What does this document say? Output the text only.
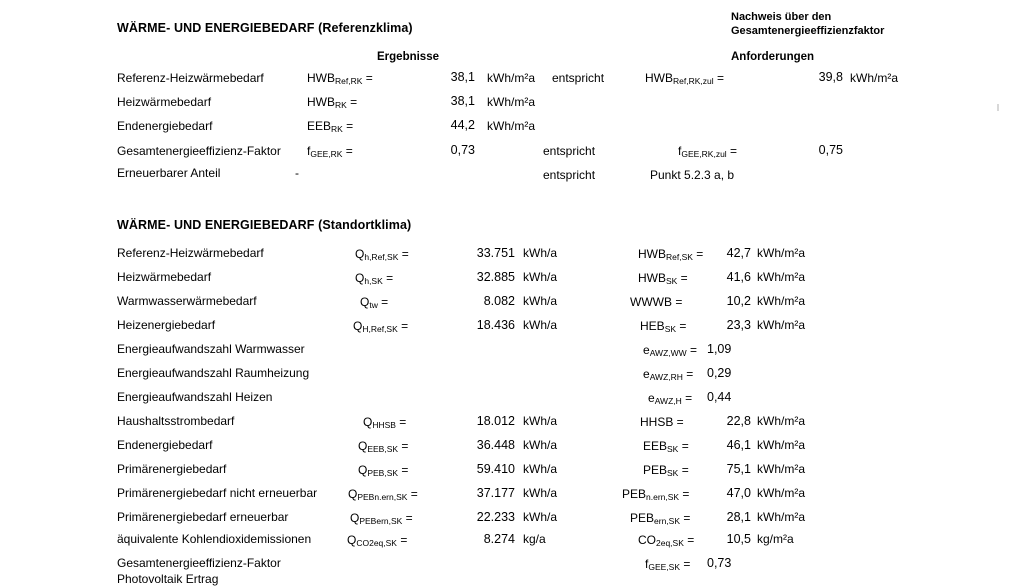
Nachweis über den
Gesamtenergieeffizienzfaktor
WÄRME- UND ENERGIEBEDARF (Referenzklima)
Ergebnisse	Anforderungen
Referenz-Heizwärmebedarf	$HWB_{Ref,RK}$ =	38,1 kWh/m²a entspricht	$HWB_{Ref,RK,zul}$ =	39,8 kWh/m²a
Heizwärmebedarf	$HWB_{RK}$ =	38,1 kWh/m²a
Endenergiebedarf	$EEB_{RK}$ =	44,2 kWh/m²a
Gesamtenergieeffizienz-Faktor $f_{GEE,RK}$ =	0,73	entspricht	$f_{GEE,RK,zul}$ =	0,75
Erneuerbarer Anteil	-	entspricht	Punkt 5.2.3 a, b
WÄRME- UND ENERGIEBEDARF (Standortklima)
Referenz-Heizwärmebedarf	$Q_{h,Ref,SK}$ =	33.751 kWh/a	$HWB_{Ref,SK}$ =	42,7 kWh/m²a
Heizwärmebedarf	$Q_{h,SK}$ =	32.885 kWh/a	$HWB_{SK}$ =	41,6 kWh/m²a
Warmwasserwärmebedarf	$Q_{tw}$ =	8.082 kWh/a	WWWB =	10,2 kWh/m²a
Heizenergiebedarf	$Q_{H,Ref,SK}$ =	18.436 kWh/a	$HEB_{SK}$ =	23,3 kWh/m²a
Energieaufwandszahl Warmwasser	$e_{AWZ,WW} = 1,09$
Energieaufwandszahl Raumheizung	$e_{AWZ,RH} = 0,29$
Energieaufwandszahl Heizen	$e_{AWZ,H} = 0,44$
Haushaltsstrombedarf	$Q_{HHSB}$ =	18.012 kWh/a	HHSB =	22,8 kWh/m²a
Endenergiebedarf	$Q_{EEB,SK}$ =	36.448 kWh/a	$EEB_{SK}$ =	46,1 kWh/m²a
Primärenergiebedarf	$Q_{PEB,SK}$ =	59.410 kWh/a	$PEB_{SK}$ =	75,1 kWh/m²a
Primärenergiebedarf nicht erneuerbar	$Q_{PEBn.ern,SK}$ =	37.177 kWh/a	$PEB_{n.ern,SK}$ =	47,0 kWh/m²a
Primärenergiebedarf erneuerbar	$Q_{PEBern,SK}$ =	22.233 kWh/a	$PEB_{ern,SK}$ =	28,1 kWh/m²a
äquivalente Kohlendioxidemissionen	$Q_{CO2eq,SK}$ =	8.274 kg/a	$CO_{2eq,SK}$ =	10,5 kg/m²a
Gesamtenergieeffizienz-Faktor	$f_{GEE,SK} = 0,73$
Photovoltaik Ertrag
